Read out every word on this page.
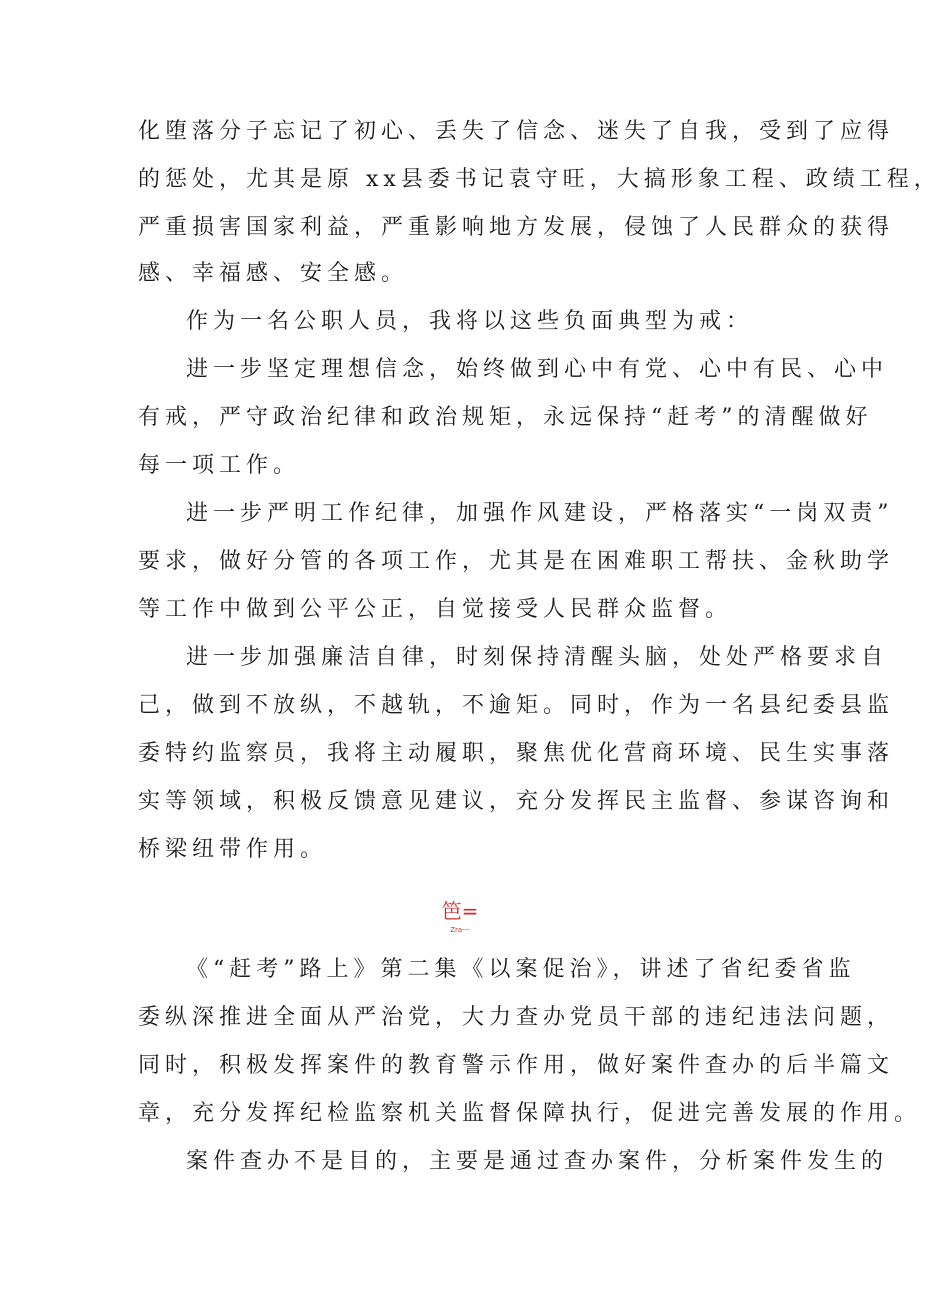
化堕落分子忘记了初心、丢失了信念、迷失了自我，受到了应得
的惩处，尤其是原 xx县委书记袁守旺，大搞形象工程、政绩工程，
严重损害国家利益，严重影响地方发展，侵蚀了人民群众的获得
感、幸福感、安全感。
作为一名公职人员，我将以这些负面典型为戒：
进一步坚定理想信念，始终做到心中有党、心中有民、心中
有戒，严守政治纪律和政治规矩，永远保持“赶考”的清醒做好
每一项工作。
进一步严明工作纪律，加强作风建设，严格落实“一岗双责”
要求，做好分管的各项工作，尤其是在困难职工帮扶、金秋助学
等工作中做到公平公正，自觉接受人民群众监督。
进一步加强廉洁自律，时刻保持清醒头脑，处处严格要求自
己，做到不放纵，不越轨，不逾矩。同时，作为一名县纪委县监
委特约监察员，我将主动履职，聚焦优化营商环境、民生实事落
实等领域，积极反馈意见建议，充分发挥民主监督、参谋咨询和
桥梁纽带作用。
笆=
Zra---
《“赶考”路上》第二集《以案促治》，讲述了省纪委省监
委纵深推进全面从严治党，大力查办党员干部的违纪违法问题，
同时，积极发挥案件的教育警示作用，做好案件查办的后半篇文
章，充分发挥纪检监察机关监督保障执行，促进完善发展的作用。
案件查办不是目的，主要是通过查办案件，分析案件发生的
